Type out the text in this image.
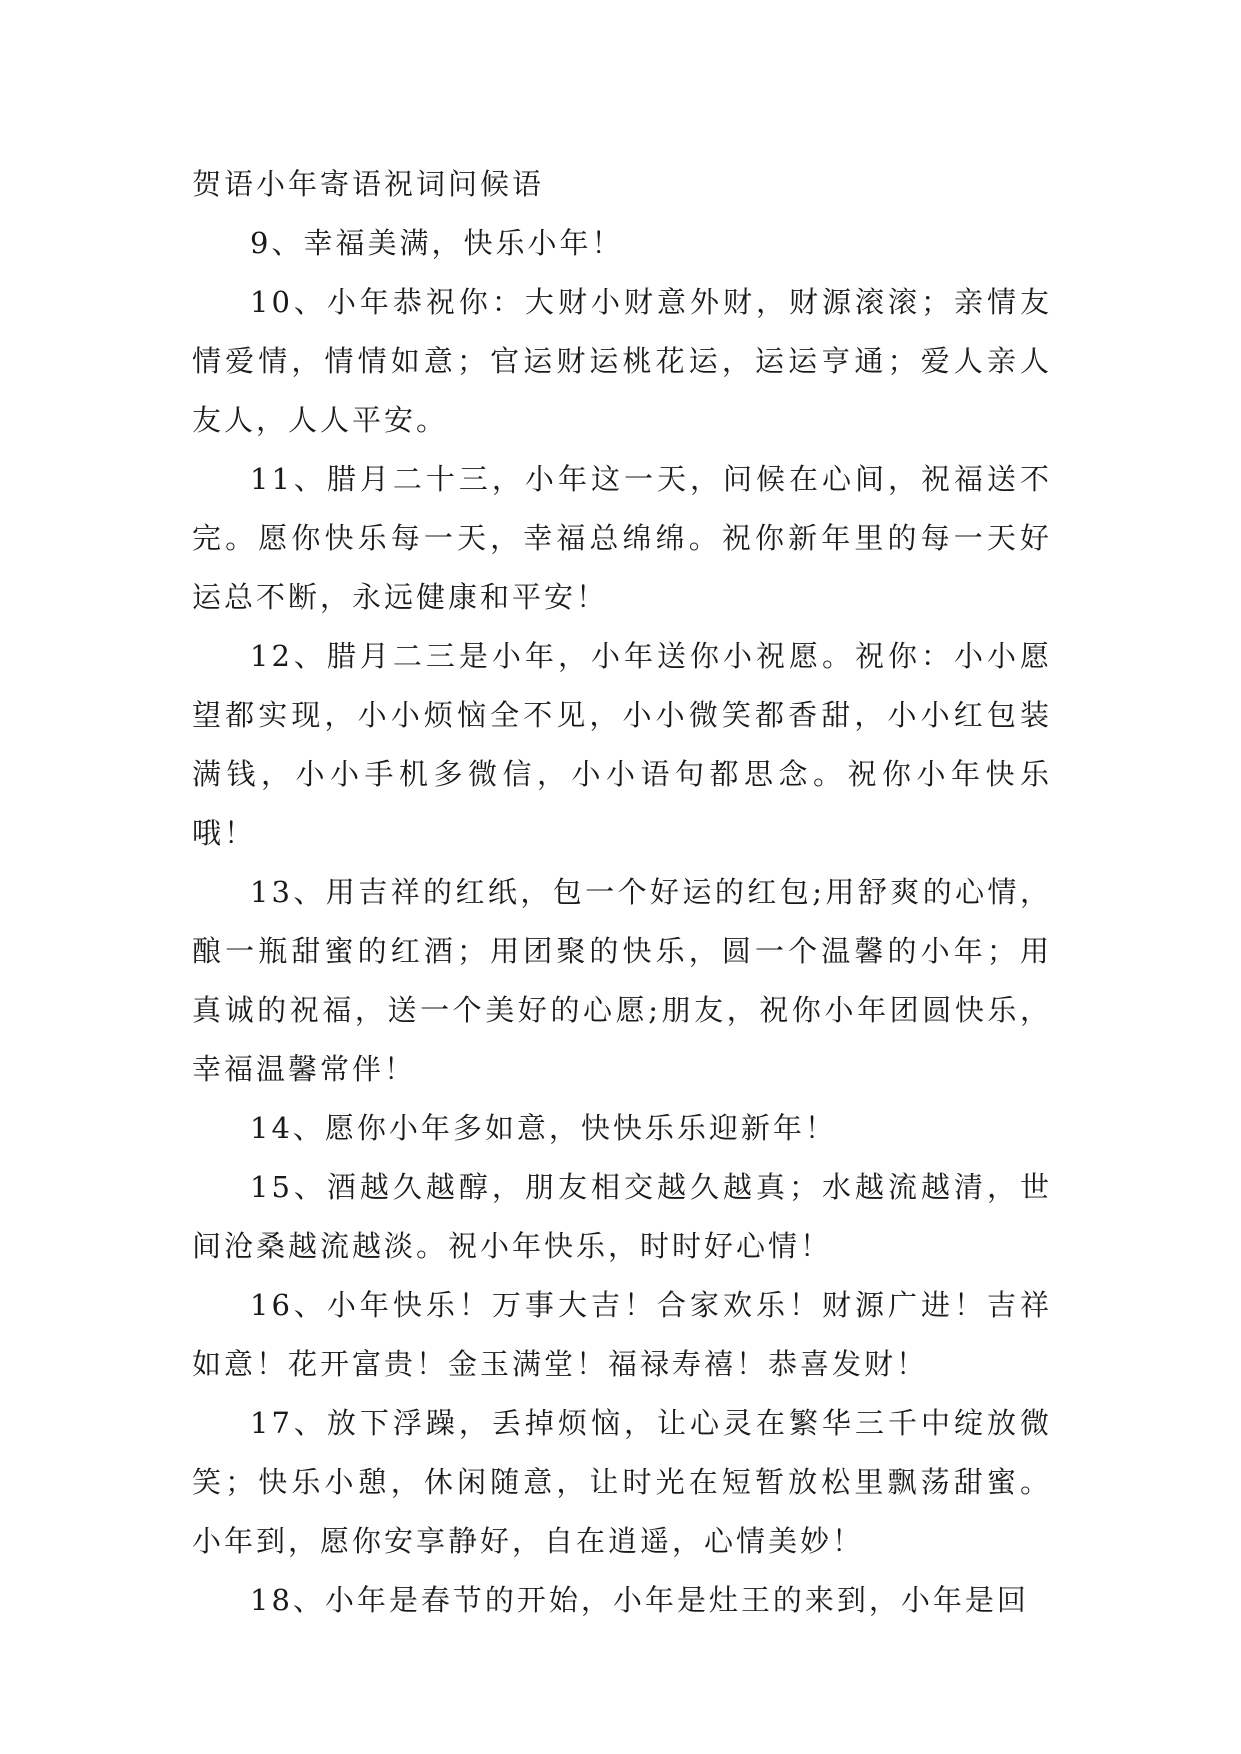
贺语小年寄语祝词问候语

9、幸福美满，快乐小年！

10、小年恭祝你：大财小财意外财，财源滚滚；亲情友情爱情，情情如意；官运财运桃花运，运运亨通；爱人亲人友人，人人平安。

11、腊月二十三，小年这一天，问候在心间，祝福送不完。愿你快乐每一天，幸福总绵绵。祝你新年里的每一天好运总不断，永远健康和平安！

12、腊月二三是小年，小年送你小祝愿。祝你：小小愿望都实现，小小烦恼全不见，小小微笑都香甜，小小红包装满钱，小小手机多微信，小小语句都思念。祝你小年快乐哦！

13、用吉祥的红纸，包一个好运的红包;用舒爽的心情，酿一瓶甜蜜的红酒；用团聚的快乐，圆一个温馨的小年；用真诚的祝福，送一个美好的心愿;朋友，祝你小年团圆快乐，幸福温馨常伴！

14、愿你小年多如意，快快乐乐迎新年！

15、酒越久越醇，朋友相交越久越真；水越流越清，世间沧桑越流越淡。祝小年快乐，时时好心情！

16、小年快乐！万事大吉！合家欢乐！财源广进！吉祥如意！花开富贵！金玉满堂！福禄寿禧！恭喜发财！

17、放下浮躁，丢掉烦恼，让心灵在繁华三千中绽放微笑；快乐小憩，休闲随意，让时光在短暂放松里飘荡甜蜜。小年到，愿你安享静好，自在逍遥，心情美妙！

18、小年是春节的开始，小年是灶王的来到，小年是回
